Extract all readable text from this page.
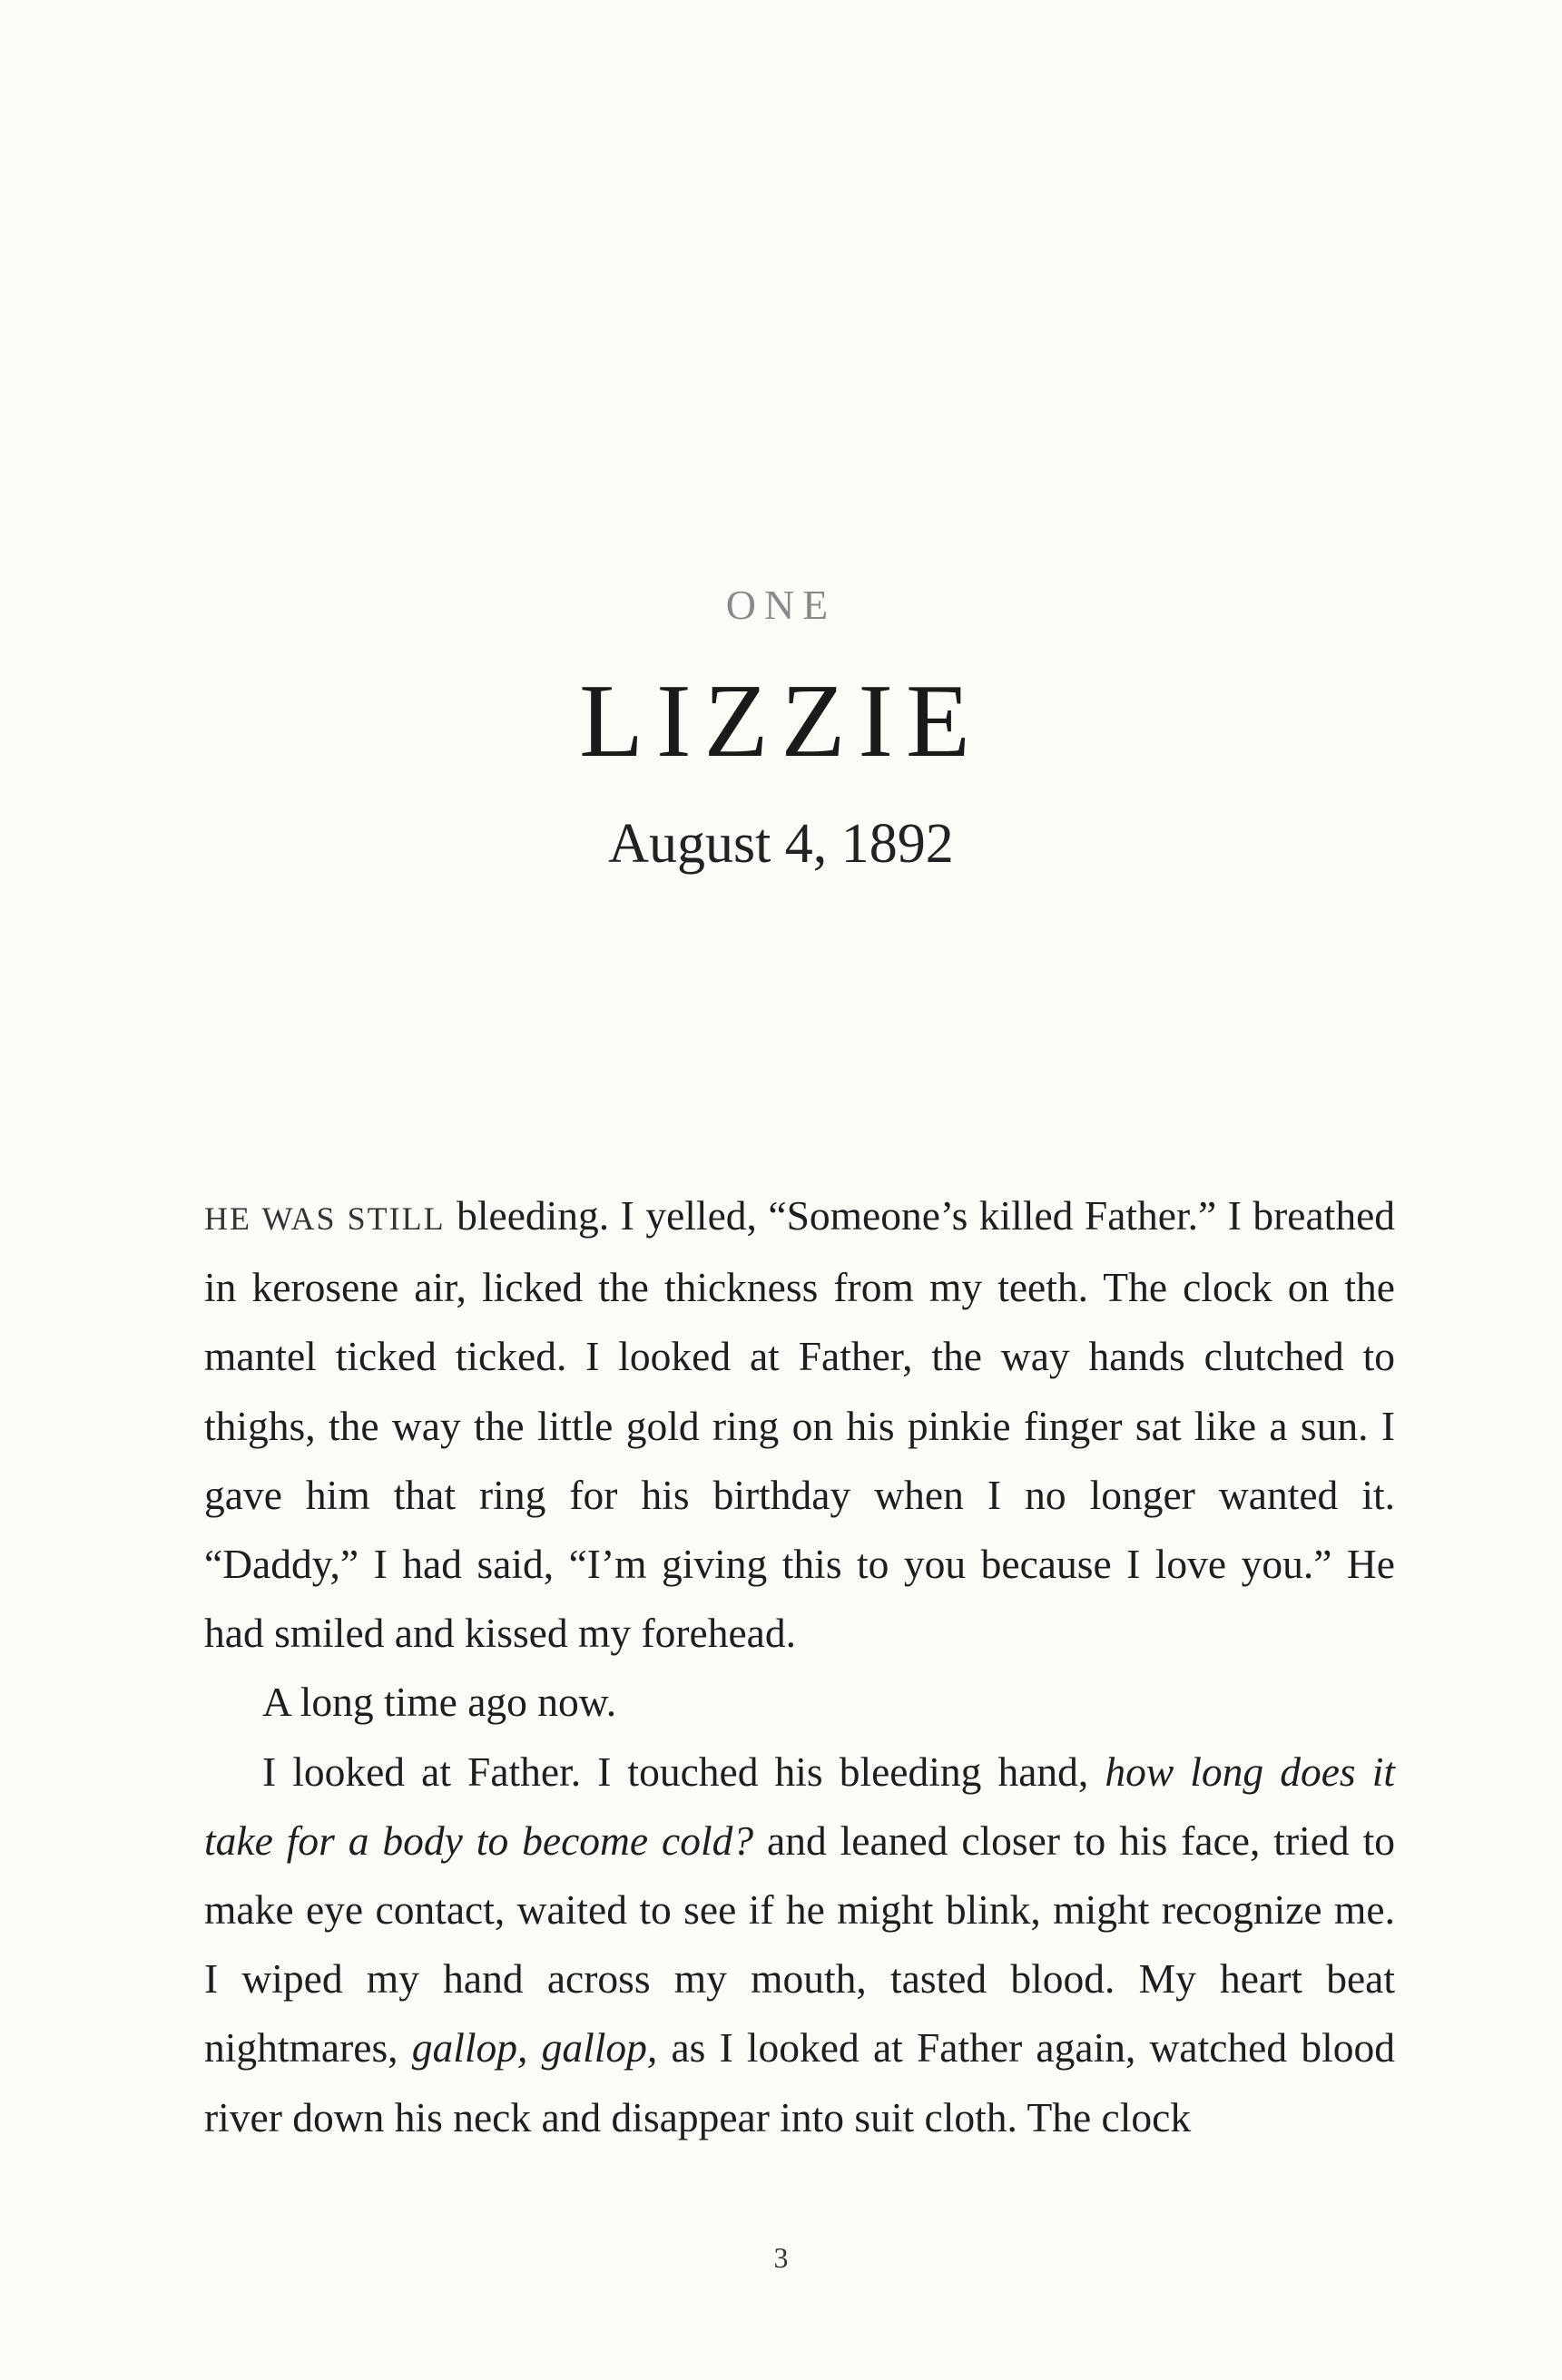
ONE
LIZZIE
August 4, 1892

HE WAS STILL bleeding. I yelled, “Someone’s killed Father.” I breathed in kerosene air, licked the thickness from my teeth. The clock on the mantel ticked ticked. I looked at Father, the way hands clutched to thighs, the way the little gold ring on his pinkie finger sat like a sun. I gave him that ring for his birthday when I no longer wanted it. “Daddy,” I had said, “I’m giving this to you because I love you.” He had smiled and kissed my forehead.

A long time ago now.

I looked at Father. I touched his bleeding hand, how long does it take for a body to become cold? and leaned closer to his face, tried to make eye contact, waited to see if he might blink, might recognize me. I wiped my hand across my mouth, tasted blood. My heart beat nightmares, gallop, gallop, as I looked at Father again, watched blood river down his neck and disappear into suit cloth. The clock

3
